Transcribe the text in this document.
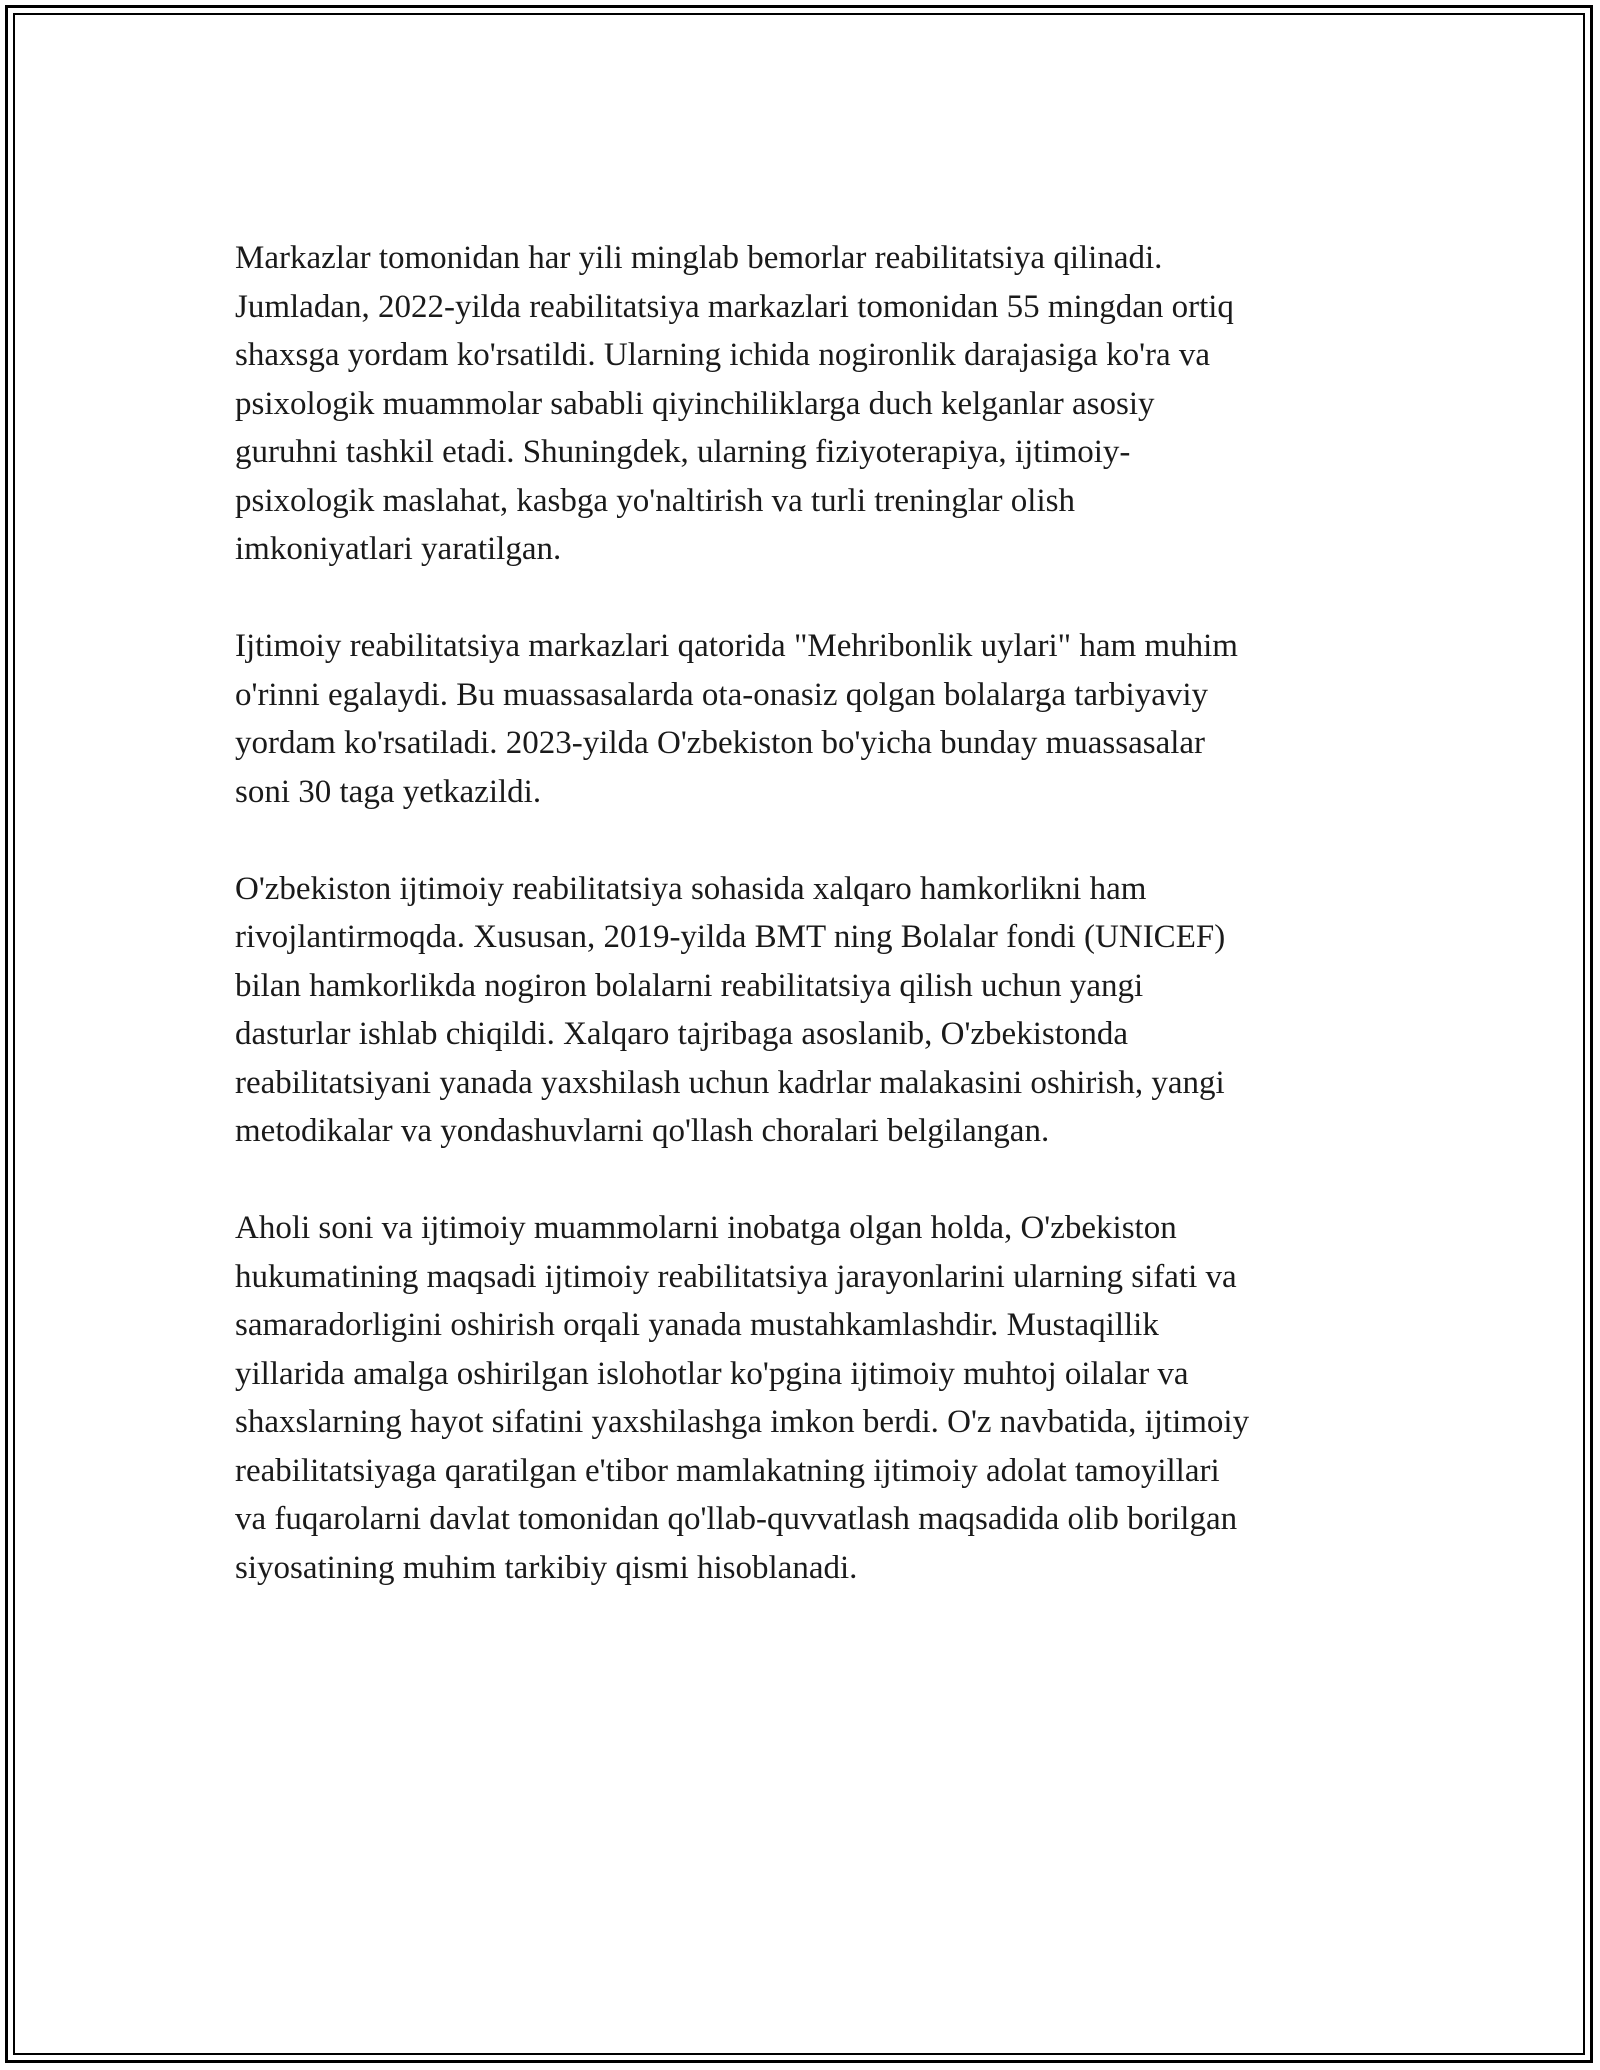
Markazlar tomonidan har yili minglab bemorlar reabilitatsiya qilinadi.
Jumladan, 2022-yilda reabilitatsiya markazlari tomonidan 55 mingdan ortiq
shaxsga yordam ko'rsatildi. Ularning ichida nogironlik darajasiga ko'ra va
psixologik muammolar sababli qiyinchiliklarga duch kelganlar asosiy
guruhni tashkil etadi. Shuningdek, ularning fiziyoterapiya, ijtimoiy-
psixologik maslahat, kasbga yo'naltirish va turli treninglar olish
imkoniyatlari yaratilgan.

Ijtimoiy reabilitatsiya markazlari qatorida "Mehribonlik uylari" ham muhim
o'rinni egalaydi. Bu muassasalarda ota-onasiz qolgan bolalarga tarbiyaviy
yordam ko'rsatiladi. 2023-yilda O'zbekiston bo'yicha bunday muassasalar
soni 30 taga yetkazildi.

O'zbekiston ijtimoiy reabilitatsiya sohasida xalqaro hamkorlikni ham
rivojlantirmoqda. Xususan, 2019-yilda BMT ning Bolalar fondi (UNICEF)
bilan hamkorlikda nogiron bolalarni reabilitatsiya qilish uchun yangi
dasturlar ishlab chiqildi. Xalqaro tajribaga asoslanib, O'zbekistonda
reabilitatsiyani yanada yaxshilash uchun kadrlar malakasini oshirish, yangi
metodikalar va yondashuvlarni qo'llash choralari belgilangan.

Aholi soni va ijtimoiy muammolarni inobatga olgan holda, O'zbekiston
hukumatining maqsadi ijtimoiy reabilitatsiya jarayonlarini ularning sifati va
samaradorligini oshirish orqali yanada mustahkamlashdir. Mustaqillik
yillarida amalga oshirilgan islohotlar ko'pgina ijtimoiy muhtoj oilalar va
shaxslarning hayot sifatini yaxshilashga imkon berdi. O'z navbatida, ijtimoiy
reabilitatsiyaga qaratilgan e'tibor mamlakatning ijtimoiy adolat tamoyillari
va fuqarolarni davlat tomonidan qo'llab-quvvatlash maqsadida olib borilgan
siyosatining muhim tarkibiy qismi hisoblanadi.
